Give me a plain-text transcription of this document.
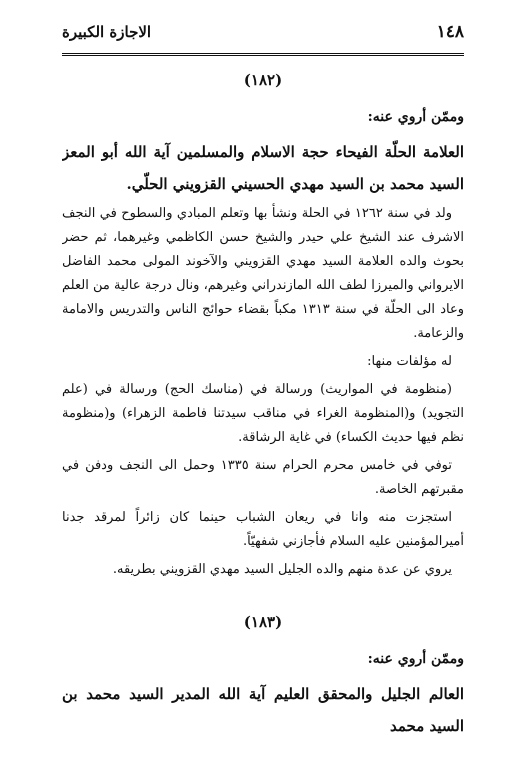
١٤٨
الاجازة الكبيرة

(١٨٢)

وممّن أروي عنه:

العلامة الحلّة الفيحاء حجة الاسلام والمسلمين آية الله أبو المعز السيد محمد بن السيد مهدي الحسيني القزويني الحلّي.

ولد في سنة ١٢٦٢ في الحلة ونشأ بها وتعلم المبادي والسطوح في النجف الاشرف عند الشيخ علي حيدر والشيخ حسن الكاظمي وغيرهما، ثم حضر بحوث والده العلامة السيد مهدي القزويني والآخوند المولى محمد الفاضل الايرواني والميرزا لطف الله المازندراني وغيرهم، ونال درجة عالية من العلم وعاد الى الحلّة في سنة ١٣١٣ مكباً بقضاء حوائج الناس والتدريس والامامة والزعامة.

له مؤلفات منها:

(منظومة في المواريث) ورسالة في (مناسك الحج) ورسالة في (علم التجويد) و(المنظومة الغراء في مناقب سيدتنا فاطمة الزهراء) و(منظومة نظم فيها حديث الكساء) في غاية الرشاقة.

توفي في خامس محرم الحرام سنة ١٣٣٥ وحمل الى النجف ودفن في مقبرتهم الخاصة.

استجزت منه وانا في ريعان الشباب حينما كان زائراً لمرقد جدنا أميرالمؤمنين عليه السلام فأجازني شفهيّاً.

يروي عن عدة منهم والده الجليل السيد مهدي القزويني بطريقه.

(١٨٣)

وممّن أروي عنه:

العالم الجليل والمحقق العليم آية الله المدير السيد محمد بن السيد محمد
